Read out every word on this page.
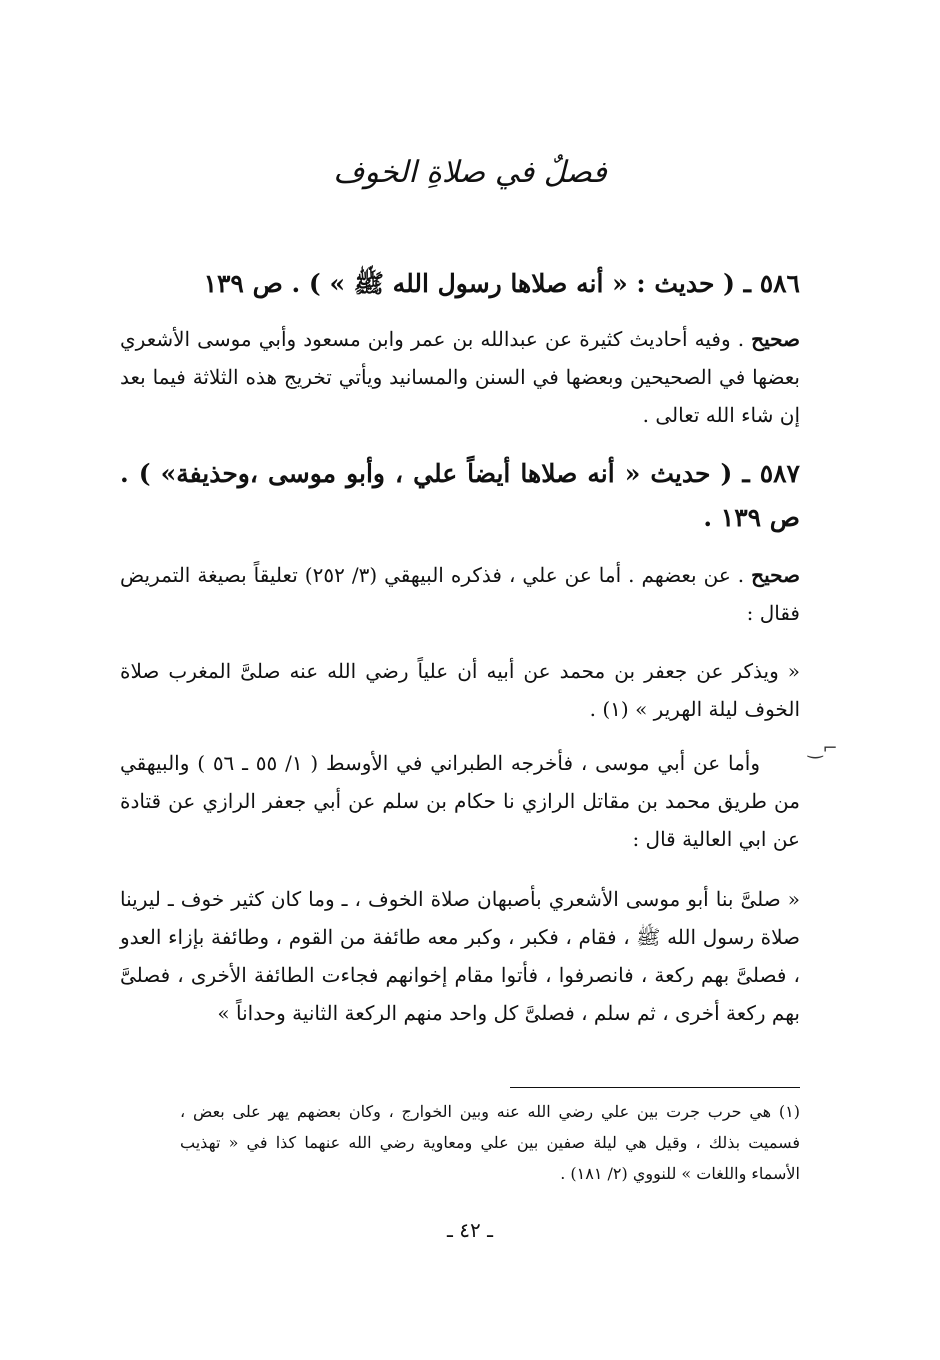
فصلٌ في صلاةِ الخوف
٥٨٦ ـ ( حديث : « أنه صلاها رسول الله ﷺ » ) . ص ١٣٩
صحيح . وفيه أحاديث كثيرة عن عبدالله بن عمر وابن مسعود وأبي موسى الأشعري بعضها في الصحيحين وبعضها في السنن والمسانيد ويأتي تخريج هذه الثلاثة فيما بعد إن شاء الله تعالى .
٥٨٧ ـ ( حديث « أنه صلاها أيضاً علي ، وأبو موسى ،وحذيفة» ) . ص ١٣٩ .
صحيح . عن بعضهم . أما عن علي ، فذكره البيهقي (٣/ ٢٥٢) تعليقاً بصيغة التمريض فقال :
« ويذكر عن جعفر بن محمد عن أبيه أن علياً رضي الله عنه صلىَّ المغرب صلاة الخوف ليلة الهرير » (١) .
⌐‿
وأما عن أبي موسى ، فأخرجه الطبراني في الأوسط ( ١/ ٥٥ ـ ٥٦ ) والبيهقي من طريق محمد بن مقاتل الرازي نا حكام بن سلم عن أبي جعفر الرازي عن قتادة عن ابي العالية قال :
« صلىَّ بنا أبو موسى الأشعري بأصبهان صلاة الخوف ، ـ وما كان كثير خوف ـ ليرينا صلاة رسول الله ﷺ ، فقام ، فكبر ، وكبر معه طائفة من القوم ، وطائفة بإزاء العدو ، فصلىَّ بهم ركعة ، فانصرفوا ، فأتوا مقام إخوانهم فجاءت الطائفة الأخرى ، فصلىَّ بهم ركعة أخرى ، ثم سلم ، فصلىَّ كل واحد منهم الركعة الثانية وحداناً »
(١) هي حرب جرت بين علي رضي الله عنه وبين الخوارج ، وكان بعضهم يهر على بعض ، فسميت بذلك ، وقيل هي ليلة صفين بين علي ومعاوية رضي الله عنهما كذا في « تهذيب الأسماء واللغات » للنووي (٢/ ١٨١) .
ـ ٤٢ ـ
